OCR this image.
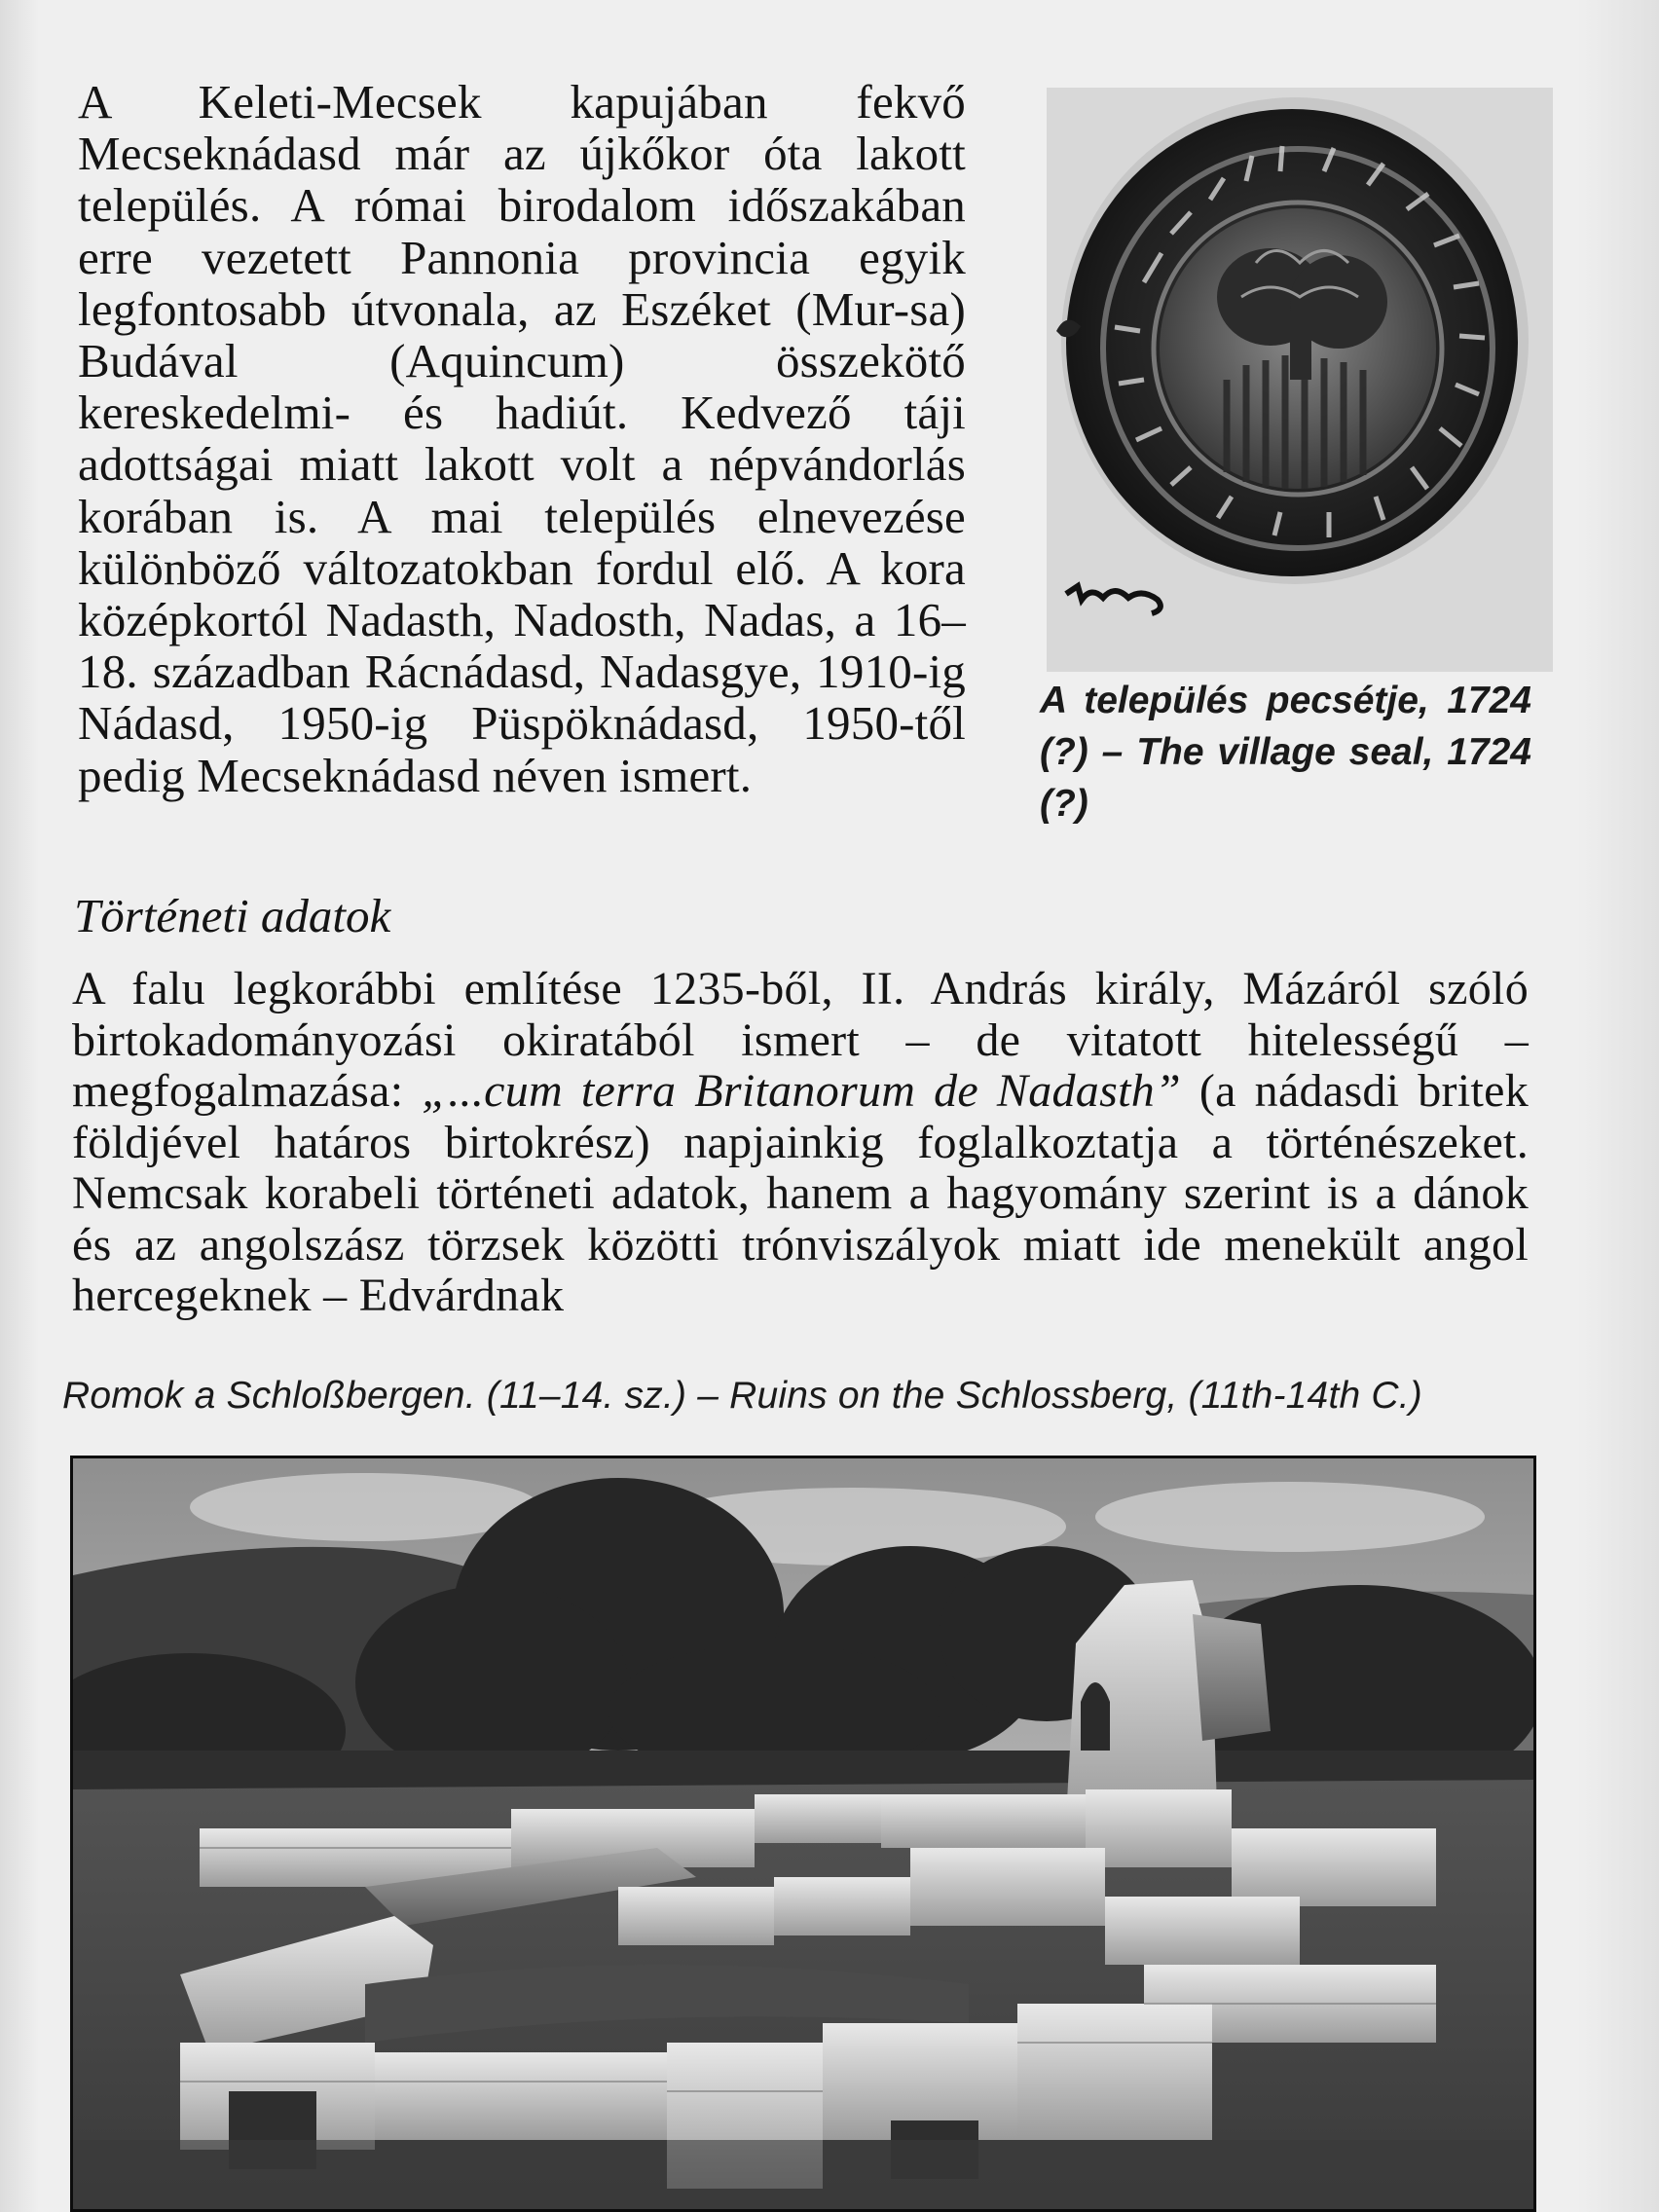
A Keleti-Mecsek kapujában fekvő Mecseknádasd már az újkőkor óta lakott település. A római birodalom időszakában erre vezetett Pannonia provincia egyik legfontosabb útvonala, az Eszéket (Mur-sa) Budával (Aquincum) összekötő kereskedelmi- és hadiút. Kedvező táji adottságai miatt lakott volt a népvándorlás korában is. A mai település elnevezése különböző változatokban fordul elő. A kora középkortól Nadasth, Nadosth, Nadas, a 16–18. században Rácnádasd, Nadasgye, 1910-ig Nádasd, 1950-ig Püspöknádasd, 1950-től pedig Mecseknádasd néven ismert.

A település pecsétje, 1724 (?) – The village seal, 1724 (?)

Történeti adatok

A falu legkorábbi említése 1235-ből, II. András király, Mázáról szóló birtokadományozási okiratából ismert – de vitatott hitelességű – megfogalmazása: „...cum terra Britanorum de Nadasth” (a nádasdi britek földjével határos birtokrész) napjainkig foglalkoztatja a történészeket. Nemcsak korabeli történeti adatok, hanem a hagyomány szerint is a dánok és az angolszász törzsek közötti trónviszályok miatt ide menekült angol hercegeknek – Edvárdnak

Romok a Schloßbergen. (11–14. sz.) – Ruins on the Schlossberg, (11th-14th C.)
